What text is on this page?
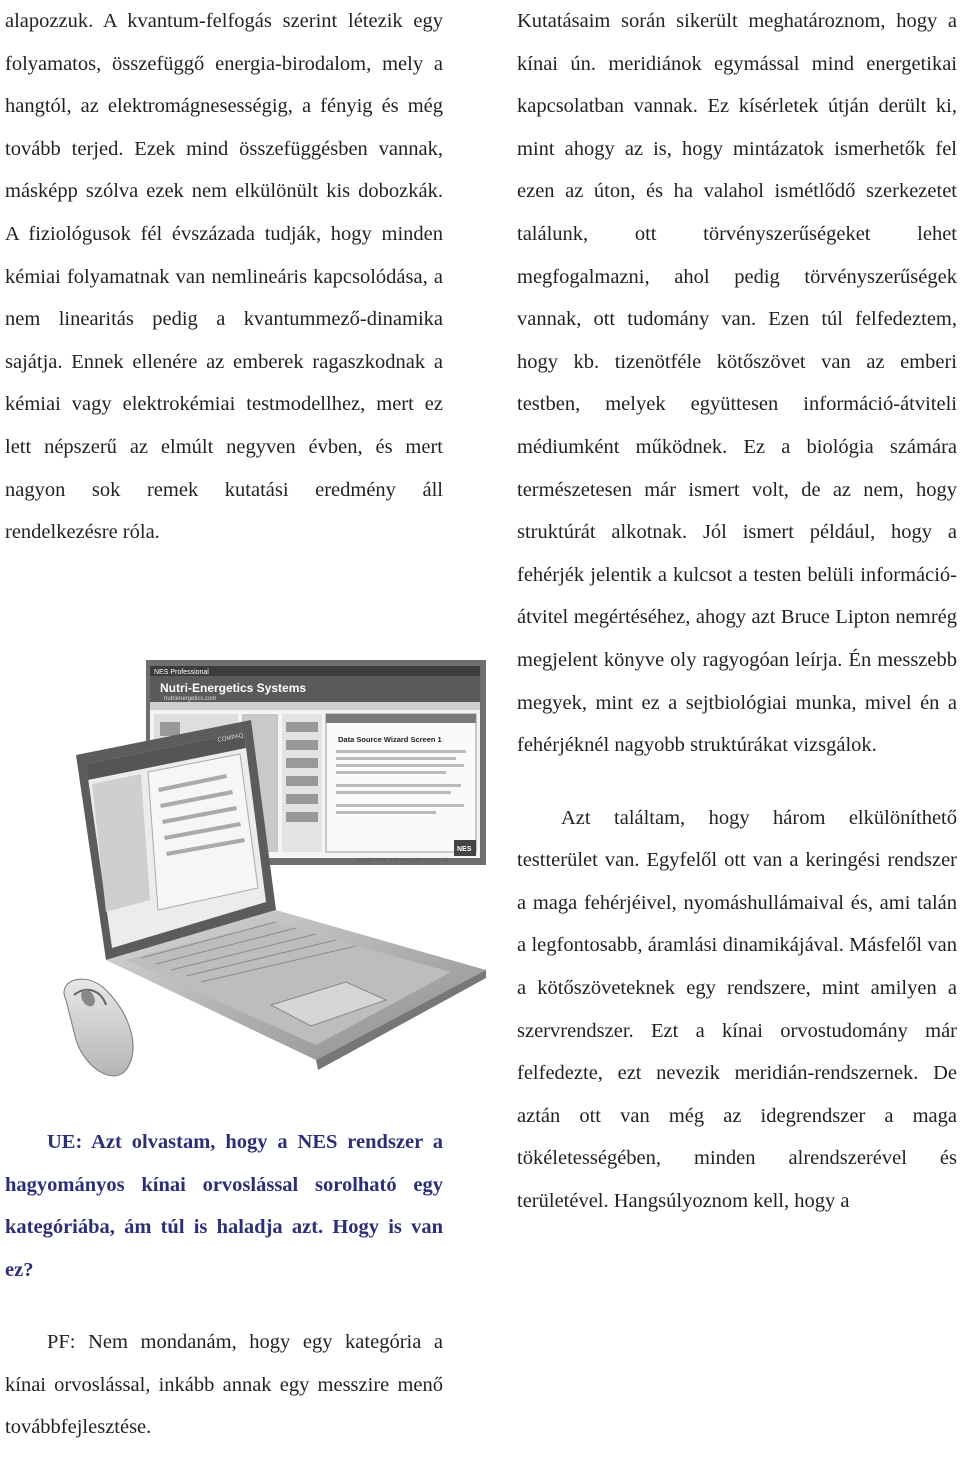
alapozzuk. A kvantum-felfogás szerint létezik egy folyamatos, összefüggő energia-birodalom, mely a hangtól, az elektromágnesességig, a fényig és még tovább terjed. Ezek mind összefüggésben vannak, másképp szólva ezek nem elkülönült kis dobozkák. A fiziológusok fél évszázada tudják, hogy minden kémiai folyamatnak van nemlineáris kapcsolódása, a nem linearitás pedig a kvantummező-dinamika sajátja. Ennek ellenére az emberek ragaszkodnak a kémiai vagy elektrokémiai testmodellhez, mert ez lett népszerű az elmúlt negyven évben, és mert nagyon sok remek kutatási eredmény áll rendelkezésre róla.

NES Professional
Nutri-Energetics Systems
nutrienergetics.com
Data Source Wizard Screen 1
NES
Copyright 2006, Nutri-Energetics Systems Ltd
COMPAQ
UE: Azt olvastam, hogy a NES rendszer a hagyományos kínai orvoslással sorolható egy kategóriába, ám túl is haladja azt. Hogy is van ez?
PF: Nem mondanám, hogy egy kategória a kínai orvoslással, inkább annak egy messzire menő továbbfejlesztése.

Kutatásaim során sikerült meghatároznom, hogy a kínai ún. meridiánok egymással mind energetikai kapcsolatban vannak. Ez kísérletek útján derült ki, mint ahogy az is, hogy mintázatok ismerhetők fel ezen az úton, és ha valahol ismétlődő szerkezetet találunk, ott törvényszerűségeket lehet megfogalmazni, ahol pedig törvényszerűségek vannak, ott tudomány van. Ezen túl felfedeztem, hogy kb. tizenötféle kötőszövet van az emberi testben, melyek együttesen információ-átviteli médiumként működnek. Ez a biológia számára természetesen már ismert volt, de az nem, hogy struktúrát alkotnak. Jól ismert például, hogy a fehérjék jelentik a kulcsot a testen belüli információ-átvitel megértéséhez, ahogy azt Bruce Lipton nemrég megjelent könyve oly ragyogóan leírja. Én messzebb megyek, mint ez a sejtbiológiai munka, mivel én a fehérjéknél nagyobb struktúrákat vizsgálok.

Azt találtam, hogy három elkülöníthető testterület van. Egyfelől ott van a keringési rendszer a maga fehérjéivel, nyomáshullámaival és, ami talán a legfontosabb, áramlási dinamikájával. Másfelől van a kötőszöveteknek egy rendszere, mint amilyen a szervrendszer. Ezt a kínai orvostudomány már felfedezte, ezt nevezik meridián-rendszernek. De aztán ott van még az idegrendszer a maga tökéletességében, minden alrendszerével és területével. Hangsúlyoznom kell, hogy a
